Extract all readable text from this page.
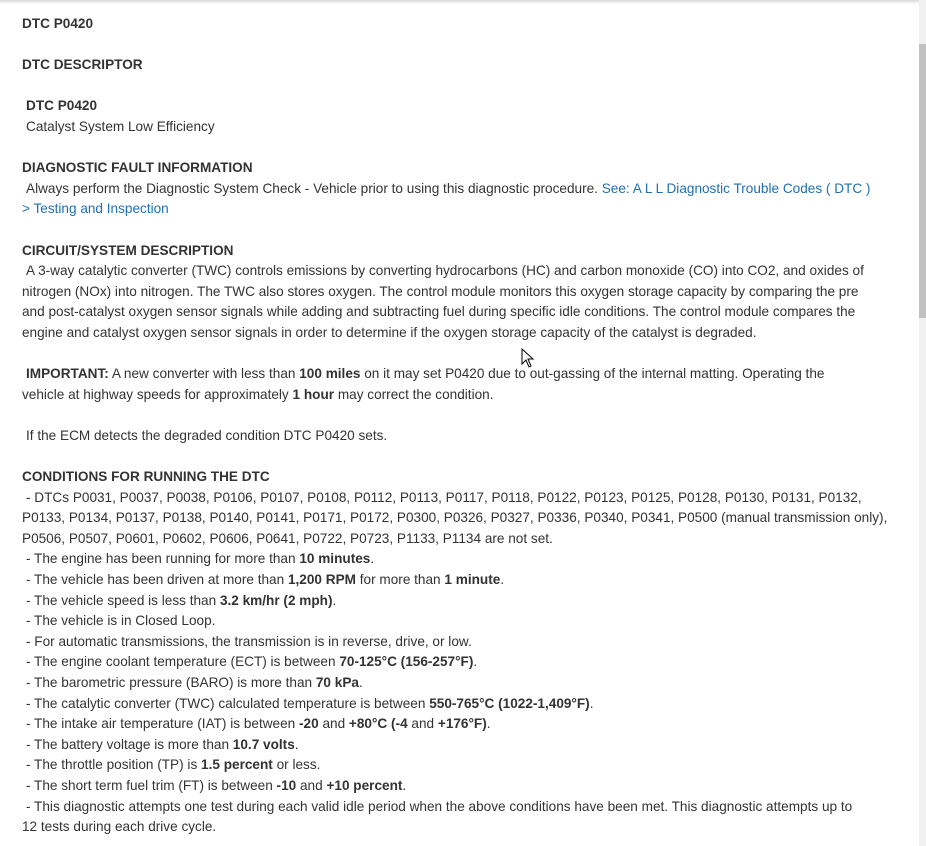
DTC P0420

DTC DESCRIPTOR

DTC P0420

Catalyst System Low Efficiency

DIAGNOSTIC FAULT INFORMATION

Always perform the Diagnostic System Check - Vehicle prior to using this diagnostic procedure. See: A L L Diagnostic Trouble Codes ( DTC )

> Testing and Inspection

CIRCUIT/SYSTEM DESCRIPTION

A 3-way catalytic converter (TWC) controls emissions by converting hydrocarbons (HC) and carbon monoxide (CO) into CO2, and oxides of

nitrogen (NOx) into nitrogen. The TWC also stores oxygen. The control module monitors this oxygen storage capacity by comparing the pre

and post-catalyst oxygen sensor signals while adding and subtracting fuel during specific idle conditions. The control module compares the

engine and catalyst oxygen sensor signals in order to determine if the oxygen storage capacity of the catalyst is degraded.

IMPORTANT: A new converter with less than 100 miles on it may set P0420 due to out-gassing of the internal matting. Operating the

vehicle at highway speeds for approximately 1 hour may correct the condition.

If the ECM detects the degraded condition DTC P0420 sets.

CONDITIONS FOR RUNNING THE DTC

- DTCs P0031, P0037, P0038, P0106, P0107, P0108, P0112, P0113, P0117, P0118, P0122, P0123, P0125, P0128, P0130, P0131, P0132,

P0133, P0134, P0137, P0138, P0140, P0141, P0171, P0172, P0300, P0326, P0327, P0336, P0340, P0341, P0500 (manual transmission only),

P0506, P0507, P0601, P0602, P0606, P0641, P0722, P0723, P1133, P1134 are not set.

- The engine has been running for more than 10 minutes.

- The vehicle has been driven at more than 1,200 RPM for more than 1 minute.

- The vehicle speed is less than 3.2 km/hr (2 mph).

- The vehicle is in Closed Loop.

- For automatic transmissions, the transmission is in reverse, drive, or low.

- The engine coolant temperature (ECT) is between 70-125°C (156-257°F).

- The barometric pressure (BARO) is more than 70 kPa.

- The catalytic converter (TWC) calculated temperature is between 550-765°C (1022-1,409°F).

- The intake air temperature (IAT) is between -20 and +80°C (-4 and +176°F).

- The battery voltage is more than 10.7 volts.

- The throttle position (TP) is 1.5 percent or less.

- The short term fuel trim (FT) is between -10 and +10 percent.

- This diagnostic attempts one test during each valid idle period when the above conditions have been met. This diagnostic attempts up to

12 tests during each drive cycle.
